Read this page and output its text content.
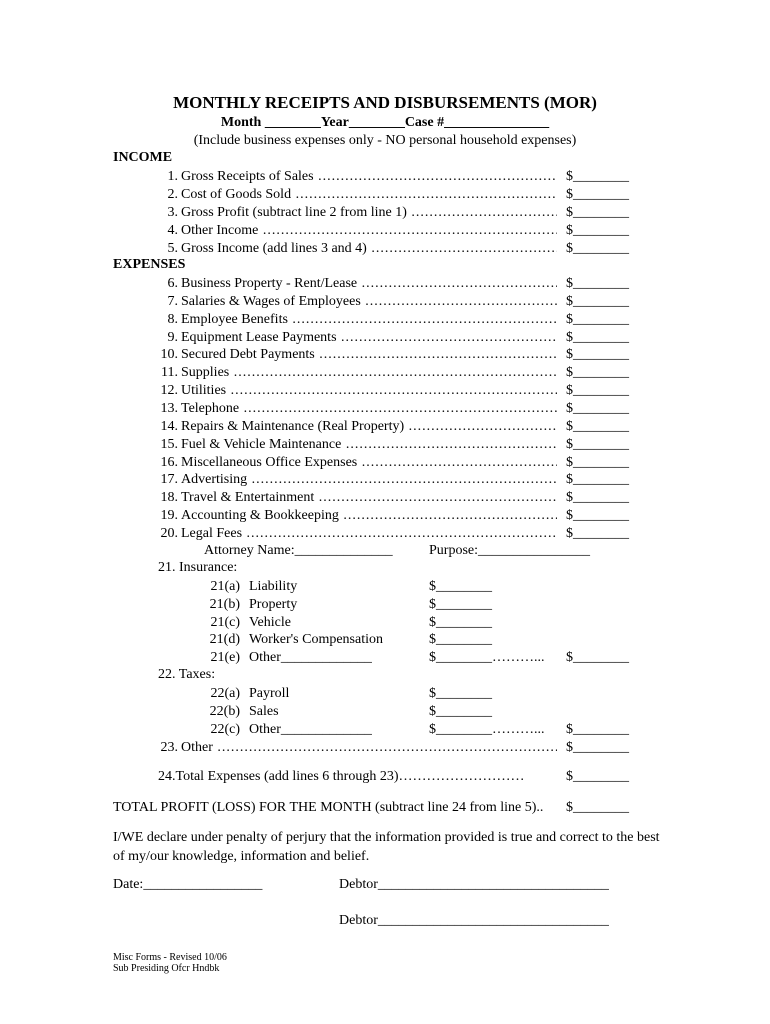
MONTHLY RECEIPTS AND DISBURSEMENTS (MOR)
Month ________Year________Case #_______________
(Include business expenses only - NO personal household expenses)
INCOME
1. Gross Receipts of Sales .....	$________
2. Cost of Goods Sold .....	$________
3. Gross Profit (subtract line 2 from line 1) .....	$________
4. Other Income .....	$________
5. Gross Income (add lines 3 and 4) .....	$________
EXPENSES
6. Business Property - Rent/Lease .....	$________
7. Salaries & Wages of Employees .....	$________
8. Employee Benefits .....	$________
9. Equipment Lease Payments .....	$________
10. Secured Debt Payments .....	$________
11. Supplies .....	$________
12. Utilities .....	$________
13. Telephone .....	$________
14. Repairs & Maintenance (Real Property) .....	$________
15. Fuel & Vehicle Maintenance .....	$________
16. Miscellaneous Office Expenses .....	$________
17. Advertising .....	$________
18. Travel & Entertainment .....	$________
19. Accounting & Bookkeeping .....	$________
20. Legal Fees .....	$________
Attorney Name:______________	Purpose:________________
21. Insurance:
21(a) Liability	$________
21(b) Property	$________
21(c) Vehicle	$________
21(d) Worker's Compensation	$________
21(e) Other_____________	$________………... $________
22. Taxes:
22(a) Payroll	$________
22(b) Sales	$________
22(c) Other_____________	$________………... $________
23. Other .....	$________
24.Total Expenses (add lines 6 through 23)………………………	$________
TOTAL PROFIT (LOSS) FOR THE MONTH (subtract line 24 from line 5).. $________
I/WE declare under penalty of perjury that the information provided is true and correct to the best of my/our knowledge, information and belief.
Date:_________________	Debtor_________________________________
Debtor_________________________________
Misc Forms - Revised 10/06
Sub Presiding Ofcr Hndbk
